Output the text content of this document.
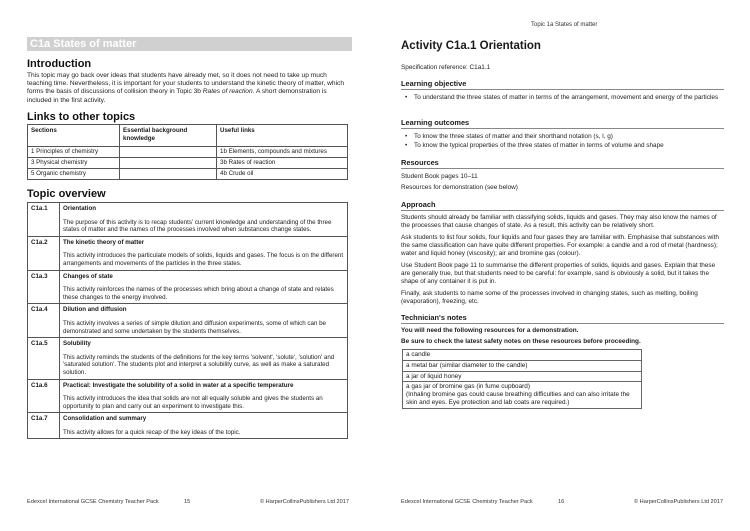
C1a States of matter
Introduction
This topic may go back over ideas that students have already met, so it does not need to take up much teaching time. Nevertheless, it is important for your students to understand the kinetic theory of matter, which forms the basis of discussions of collision theory in Topic 3b Rates of reaction. A short demonstration is included in the first activity.
Links to other topics
Sections	Essential background knowledge	Useful links
1 Principles of chemistry		1b Elements, compounds and mixtures
3 Physical chemistry		3b Rates of reaction
5 Organic chemistry		4b Crude oil
Topic overview
C1a.1	Orientation
The purpose of this activity is to recap students' current knowledge and understanding of the three states of matter and the names of the processes involved when substances change states.

C1a.2	The kinetic theory of matter
This activity introduces the particulate models of solids, liquids and gases. The focus is on the different arrangements and movements of the particles in the three states.

C1a.3	Changes of state
This activity reinforces the names of the processes which bring about a change of state and relates these changes to the energy involved.

C1a.4	Dilution and diffusion
This activity involves a series of simple dilution and diffusion experiments, some of which can be demonstrated and some undertaken by the students themselves.

C1a.5	Solubility
This activity reminds the students of the definitions for the key terms 'solvent', 'solute', 'solution' and 'saturated solution'. The students plot and interpret a solubility curve, as well as make a saturated solution.

C1a.6	Practical: Investigate the solubility of a solid in water at a specific temperature
This activity introduces the idea that solids are not all equally soluble and gives the students an opportunity to plan and carry out an experiment to investigate this.

C1a.7	Consolidation and summary
This activity allows for a quick recap of the key ideas of the topic.
Edexcel International GCSE Chemistry Teacher Pack	15	© HarperCollinsPublishers Ltd 2017
Topic 1a States of matter
Activity C1a.1 Orientation
Specification reference: C1a1.1
Learning objective
• To understand the three states of matter in terms of the arrangement, movement and energy of the particles
Learning outcomes
• To know the three states of matter and their shorthand notation (s, l, g)
• To know the typical properties of the three states of matter in terms of volume and shape
Resources
Student Book pages 10–11
Resources for demonstration (see below)
Approach
Students should already be familiar with classifying solids, liquids and gases. They may also know the names of the processes that cause changes of state. As a result, this activity can be relatively short.
Ask students to list four solids, four liquids and four gases they are familiar with. Emphasise that substances with the same classification can have quite different properties. For example: a candle and a rod of metal (hardness); water and liquid honey (viscosity); air and bromine gas (colour).
Use Student Book page 11 to summarise the different properties of solids, liquids and gases. Explain that these are generally true, but that students need to be careful: for example, sand is obviously a solid, but it takes the shape of any container it is put in.
Finally, ask students to name some of the processes involved in changing states, such as melting, boiling (evaporation), freezing, etc.
Technician's notes
You will need the following resources for a demonstration.
Be sure to check the latest safety notes on these resources before proceeding.
a candle
a metal bar (similar diameter to the candle)
a jar of liquid honey
a gas jar of bromine gas (in fume cupboard)
(Inhaling bromine gas could cause breathing difficulties and can also irritate the skin and eyes. Eye protection and lab coats are required.)
Edexcel International GCSE Chemistry Teacher Pack	16	© HarperCollinsPublishers Ltd 2017
